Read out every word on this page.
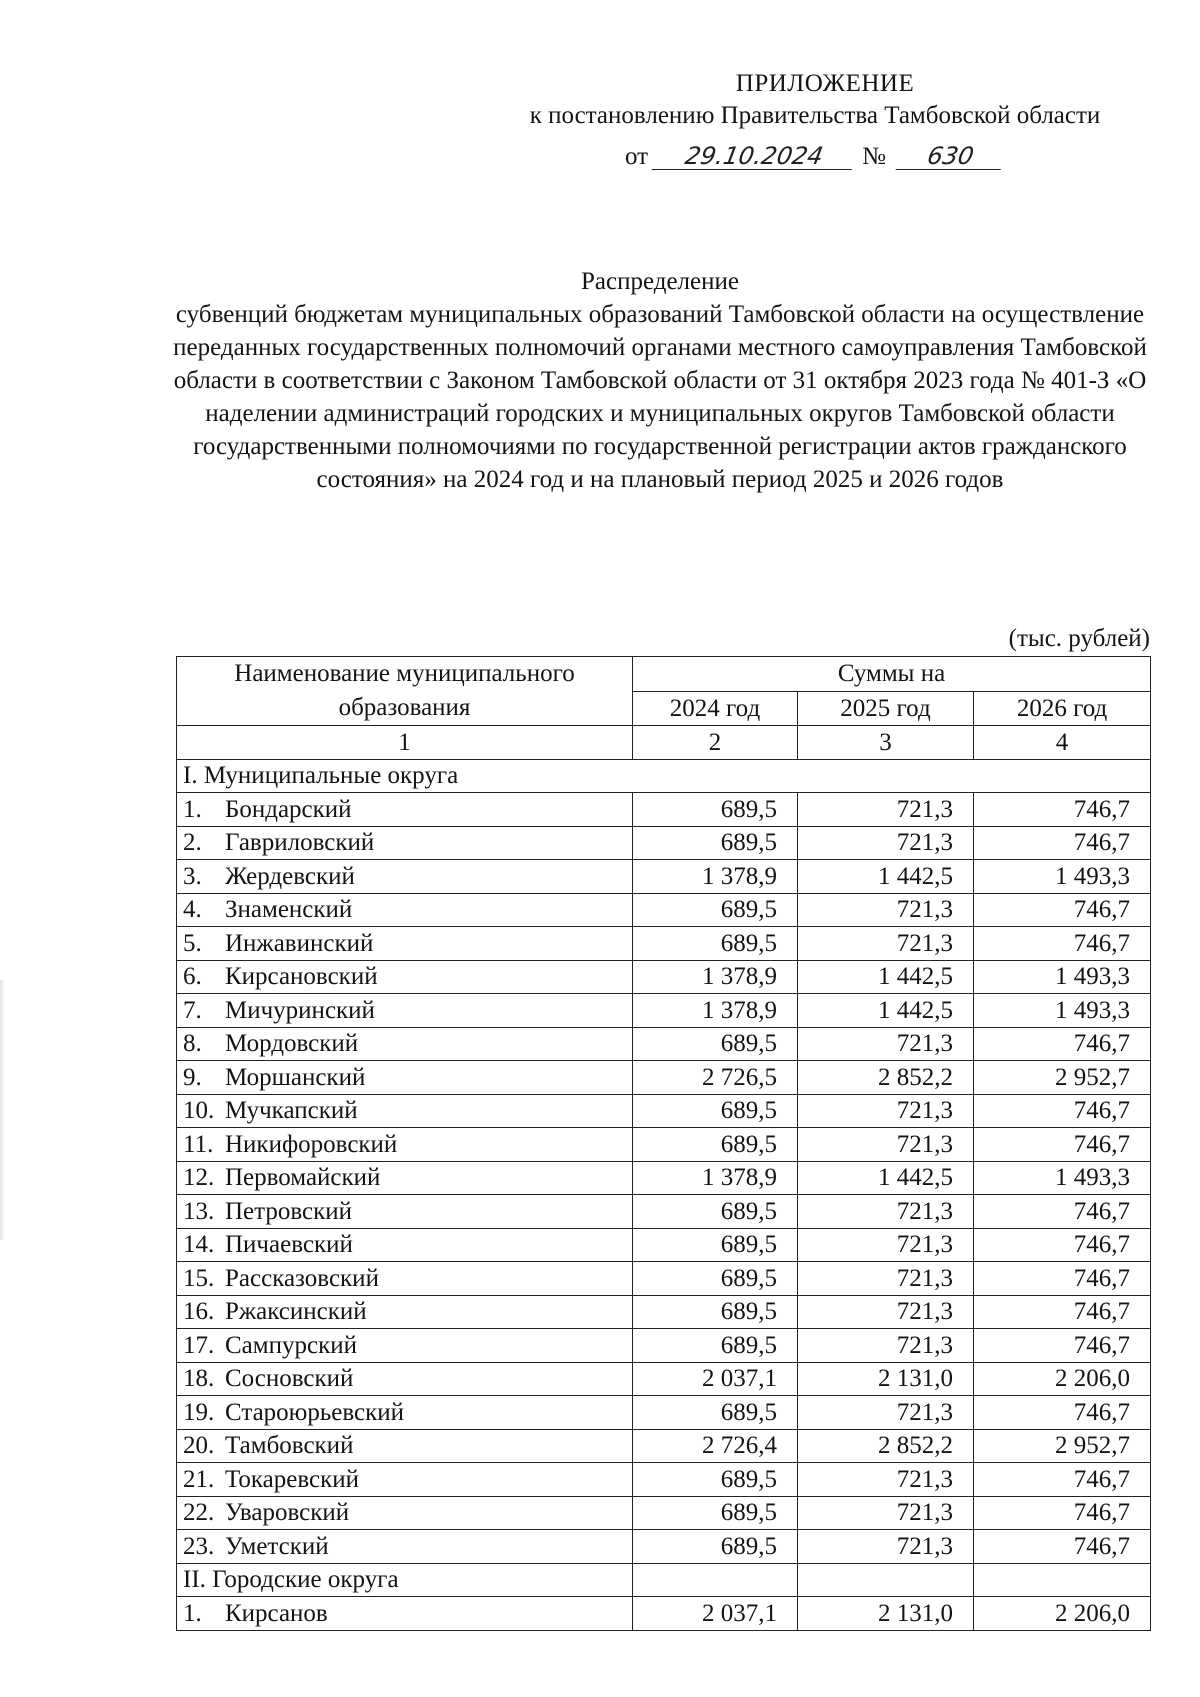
ПРИЛОЖЕНИЕ
к постановлению Правительства Тамбовской области
от 29.10.2024 № 630
Распределение
субвенций бюджетам муниципальных образований Тамбовской области на осуществление переданных государственных полномочий органами местного самоуправления Тамбовской области в соответствии с Законом Тамбовской области от 31 октября 2023 года № 401-З «О наделении администраций городских и муниципальных округов Тамбовской области государственными полномочиями по государственной регистрации актов гражданского состояния» на 2024 год и на плановый период 2025 и 2026 годов
(тыс. рублей)
Наименование муниципального образования	Суммы на		
	2024 год	2025 год	2026 год
1	2	3	4
I. Муниципальные округа			
1. Бондарский	689,5	721,3	746,7
2. Гавриловский	689,5	721,3	746,7
3. Жердевский	1 378,9	1 442,5	1 493,3
4. Знаменский	689,5	721,3	746,7
5. Инжавинский	689,5	721,3	746,7
6. Кирсановский	1 378,9	1 442,5	1 493,3
7. Мичуринский	1 378,9	1 442,5	1 493,3
8. Мордовский	689,5	721,3	746,7
9. Моршанский	2 726,5	2 852,2	2 952,7
10. Мучкапский	689,5	721,3	746,7
11. Никифоровский	689,5	721,3	746,7
12. Первомайский	1 378,9	1 442,5	1 493,3
13. Петровский	689,5	721,3	746,7
14. Пичаевский	689,5	721,3	746,7
15. Рассказовский	689,5	721,3	746,7
16. Ржаксинский	689,5	721,3	746,7
17. Сампурский	689,5	721,3	746,7
18. Сосновский	2 037,1	2 131,0	2 206,0
19. Староюрьевский	689,5	721,3	746,7
20. Тамбовский	2 726,4	2 852,2	2 952,7
21. Токаревский	689,5	721,3	746,7
22. Уваровский	689,5	721,3	746,7
23. Уметский	689,5	721,3	746,7
II. Городские округа			
1. Кирсанов	2 037,1	2 131,0	2 206,0
